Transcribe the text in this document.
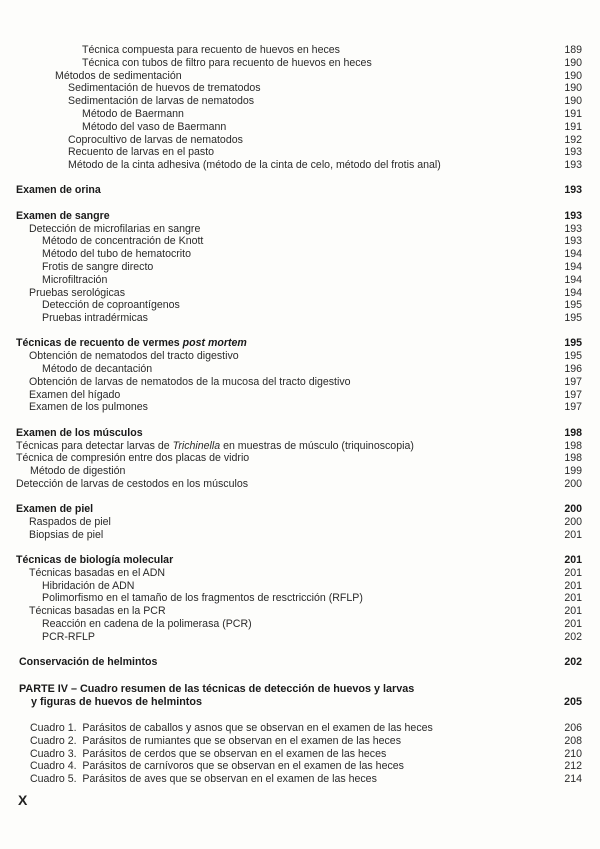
Técnica compuesta para recuento de huevos en heces	189
Técnica con tubos de filtro para recuento de huevos en heces	190
Métodos de sedimentación	190
Sedimentación de huevos de trematodos	190
Sedimentación de larvas de nematodos	190
Método de Baermann	191
Método del vaso de Baermann	191
Coprocultivo de larvas de nematodos	192
Recuento de larvas en el pasto	193
Método de la cinta adhesiva (método de la cinta de celo, método del frotis anal)	193
Examen de orina	193
Examen de sangre	193
Detección de microfilarias en sangre	193
Método de concentración de Knott	193
Método del tubo de hematocrito	194
Frotis de sangre directo	194
Microfiltración	194
Pruebas serológicas	194
Detección de coproantígenos	195
Pruebas intradérmicas	195
Técnicas de recuento de vermes post mortem	195
Obtención de nematodos del tracto digestivo	195
Método de decantación	196
Obtención de larvas de nematodos de la mucosa del tracto digestivo	197
Examen del hígado	197
Examen de los pulmones	197
Examen de los músculos	198
Técnicas para detectar larvas de Trichinella en muestras de músculo (triquinoscopia)	198
Técnica de compresión entre dos placas de vidrio	198
Método de digestión	199
Detección de larvas de cestodos en los músculos	200
Examen de piel	200
Raspados de piel	200
Biopsias de piel	201
Técnicas de biología molecular	201
Técnicas basadas en el ADN	201
Hibridación de ADN	201
Polimorfismo en el tamaño de los fragmentos de resctricción (RFLP)	201
Técnicas basadas en la PCR	201
Reacción en cadena de la polimerasa (PCR)	201
PCR-RFLP	202
Conservación de helmintos	202
PARTE IV – Cuadro resumen de las técnicas de detección de huevos y larvas
y figuras de huevos de helmintos	205
Cuadro 1.  Parásitos de caballos y asnos que se observan en el examen de las heces	206
Cuadro 2.  Parásitos de rumiantes que se observan en el examen de las heces	208
Cuadro 3.  Parásitos de cerdos que se observan en el examen de las heces	210
Cuadro 4.  Parásitos de carnívoros que se observan en el examen de las heces	212
Cuadro 5.  Parásitos de aves que se observan en el examen de las heces	214
X
